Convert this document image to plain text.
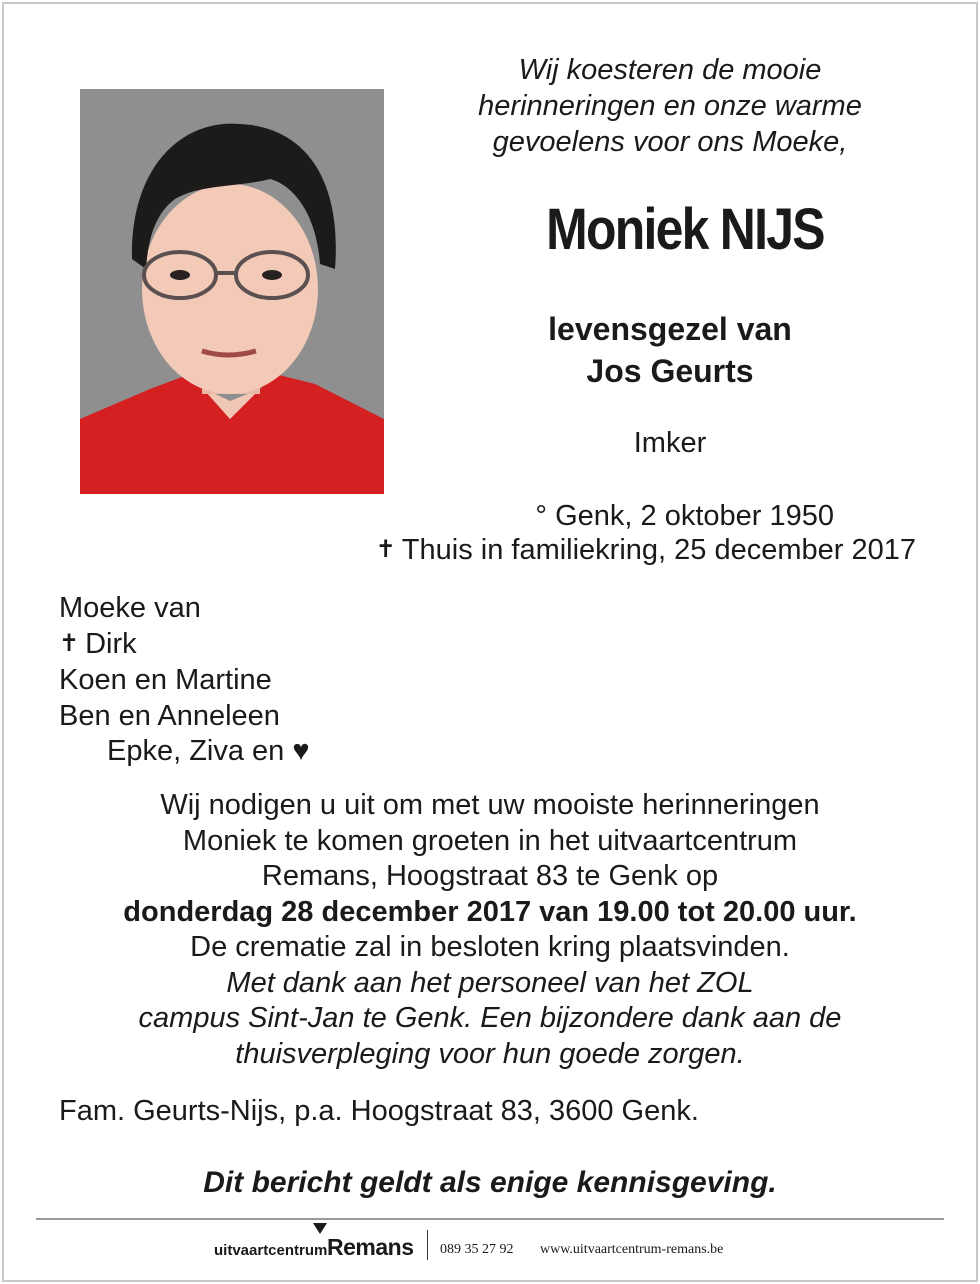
Wij koesteren de mooie
herinneringen en onze warme
gevoelens voor ons Moeke,
Moniek NIJS
levensgezel van
Jos Geurts
Imker
° Genk, 2 oktober 1950
✝ Thuis in familiekring, 25 december 2017
Moeke van
✝ Dirk
Koen en Martine
Ben en Anneleen
Epke, Ziva en ♥
Wij nodigen u uit om met uw mooiste herinneringen
Moniek te komen groeten in het uitvaartcentrum
Remans, Hoogstraat 83 te Genk op
donderdag 28 december 2017 van 19.00 tot 20.00 uur.
De crematie zal in besloten kring plaatsvinden.
Met dank aan het personeel van het ZOL
campus Sint-Jan te Genk. Een bijzondere dank aan de
thuisverpleging voor hun goede zorgen.
Fam. Geurts-Nijs, p.a. Hoogstraat 83, 3600 Genk.
Dit bericht geldt als enige kennisgeving.
uitvaartcentrum Remans 089 35 27 92 www.uitvaartcentrum-remans.be
